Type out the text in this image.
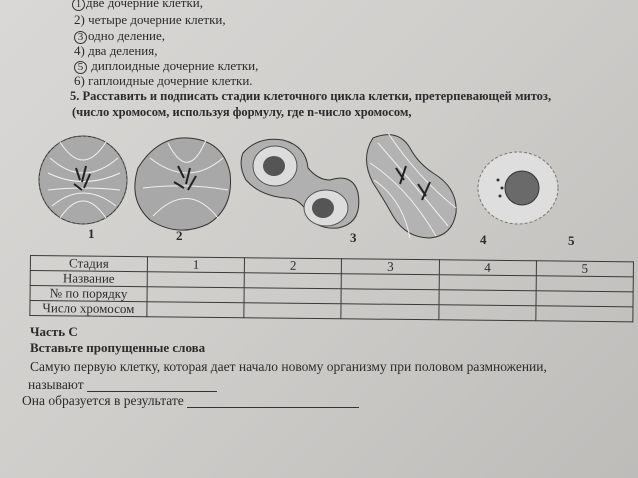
1 две дочерние клетки,
2) четыре дочерние клетки,
3 одно деление,
4) два деления,
5 диплоидные дочерние клетки,
6) гаплоидные дочерние клетки.
5. Расставить и подписать стадии клеточного цикла клетки, претерпевающей митоз,
(число хромосом, используя формулу, где n-число хромосом,
1	2	3	4	5
Стадия	1	2	3	4	5
Название					
№ по порядку					
Число хромосом					
Часть С
Вставьте пропущенные слова
Самую первую клетку, которая дает начало новому организму при половом размножении,
называют
Она образуется в результате
